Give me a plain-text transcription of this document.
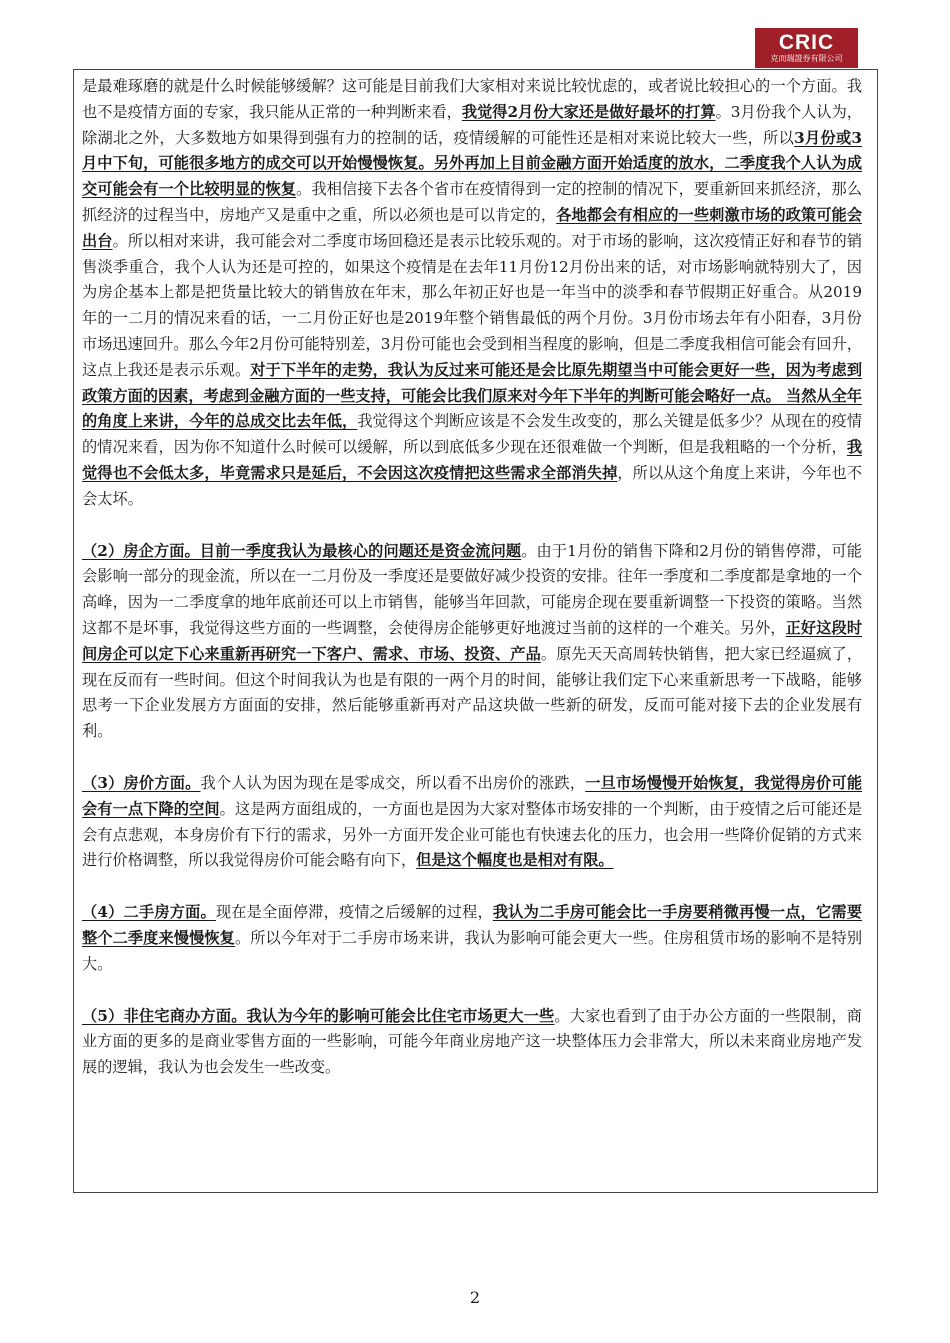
CRIC
克而瑞證券有限公司

是最难琢磨的就是什么时候能够缓解？这可能是目前我们大家相对来说比较忧虑的，或者说比较担心的一个方面。我也不是疫情方面的专家，我只能从正常的一种判断来看，我觉得2月份大家还是做好最坏的打算。3月份我个人认为，除湖北之外，大多数地方如果得到强有力的控制的话，疫情缓解的可能性还是相对来说比较大一些，所以3月份或3月中下旬，可能很多地方的成交可以开始慢慢恢复。另外再加上目前金融方面开始适度的放水，二季度我个人认为成交可能会有一个比较明显的恢复。我相信接下去各个省市在疫情得到一定的控制的情况下，要重新回来抓经济，那么抓经济的过程当中，房地产又是重中之重，所以必须也是可以肯定的，各地都会有相应的一些刺激市场的政策可能会出台。所以相对来讲，我可能会对二季度市场回稳还是表示比较乐观的。对于市场的影响，这次疫情正好和春节的销售淡季重合，我个人认为还是可控的，如果这个疫情是在去年11月份12月份出来的话，对市场影响就特别大了，因为房企基本上都是把货量比较大的销售放在年末，那么年初正好也是一年当中的淡季和春节假期正好重合。从2019年的一二月的情况来看的话，一二月份正好也是2019年整个销售最低的两个月份。3月份市场去年有小阳春，3月份市场迅速回升。那么今年2月份可能特别差，3月份可能也会受到相当程度的影响，但是二季度我相信可能会有回升，这点上我还是表示乐观。对于下半年的走势，我认为反过来可能还是会比原先期望当中可能会更好一些，因为考虑到政策方面的因素，考虑到金融方面的一些支持，可能会比我们原来对今年下半年的判断可能会略好一点。 当然从全年的角度上来讲，今年的总成交比去年低，我觉得这个判断应该是不会发生改变的，那么关键是低多少？从现在的疫情的情况来看，因为你不知道什么时候可以缓解，所以到底低多少现在还很难做一个判断，但是我粗略的一个分析，我觉得也不会低太多，毕竟需求只是延后，不会因这次疫情把这些需求全部消失掉，所以从这个角度上来讲，今年也不会太坏。

（2）房企方面。目前一季度我认为最核心的问题还是资金流问题。由于1月份的销售下降和2月份的销售停滞，可能会影响一部分的现金流，所以在一二月份及一季度还是要做好减少投资的安排。往年一季度和二季度都是拿地的一个高峰，因为一二季度拿的地年底前还可以上市销售，能够当年回款，可能房企现在要重新调整一下投资的策略。当然这都不是坏事，我觉得这些方面的一些调整，会使得房企能够更好地渡过当前的这样的一个难关。另外，正好这段时间房企可以定下心来重新再研究一下客户、需求、市场、投资、产品。原先天天高周转快销售，把大家已经逼疯了，现在反而有一些时间。但这个时间我认为也是有限的一两个月的时间，能够让我们定下心来重新思考一下战略，能够思考一下企业发展方方面面的安排，然后能够重新再对产品这块做一些新的研发，反而可能对接下去的企业发展有利。

（3）房价方面。我个人认为因为现在是零成交，所以看不出房价的涨跌，一旦市场慢慢开始恢复，我觉得房价可能会有一点下降的空间。这是两方面组成的，一方面也是因为大家对整体市场安排的一个判断，由于疫情之后可能还是会有点悲观，本身房价有下行的需求，另外一方面开发企业可能也有快速去化的压力，也会用一些降价促销的方式来进行价格调整，所以我觉得房价可能会略有向下，但是这个幅度也是相对有限。

（4）二手房方面。现在是全面停滞，疫情之后缓解的过程，我认为二手房可能会比一手房要稍微再慢一点，它需要整个二季度来慢慢恢复。所以今年对于二手房市场来讲，我认为影响可能会更大一些。住房租赁市场的影响不是特别大。

（5）非住宅商办方面。我认为今年的影响可能会比住宅市场更大一些。大家也看到了由于办公方面的一些限制，商业方面的更多的是商业零售方面的一些影响，可能今年商业房地产这一块整体压力会非常大，所以未来商业房地产发展的逻辑，我认为也会发生一些改变。

2
